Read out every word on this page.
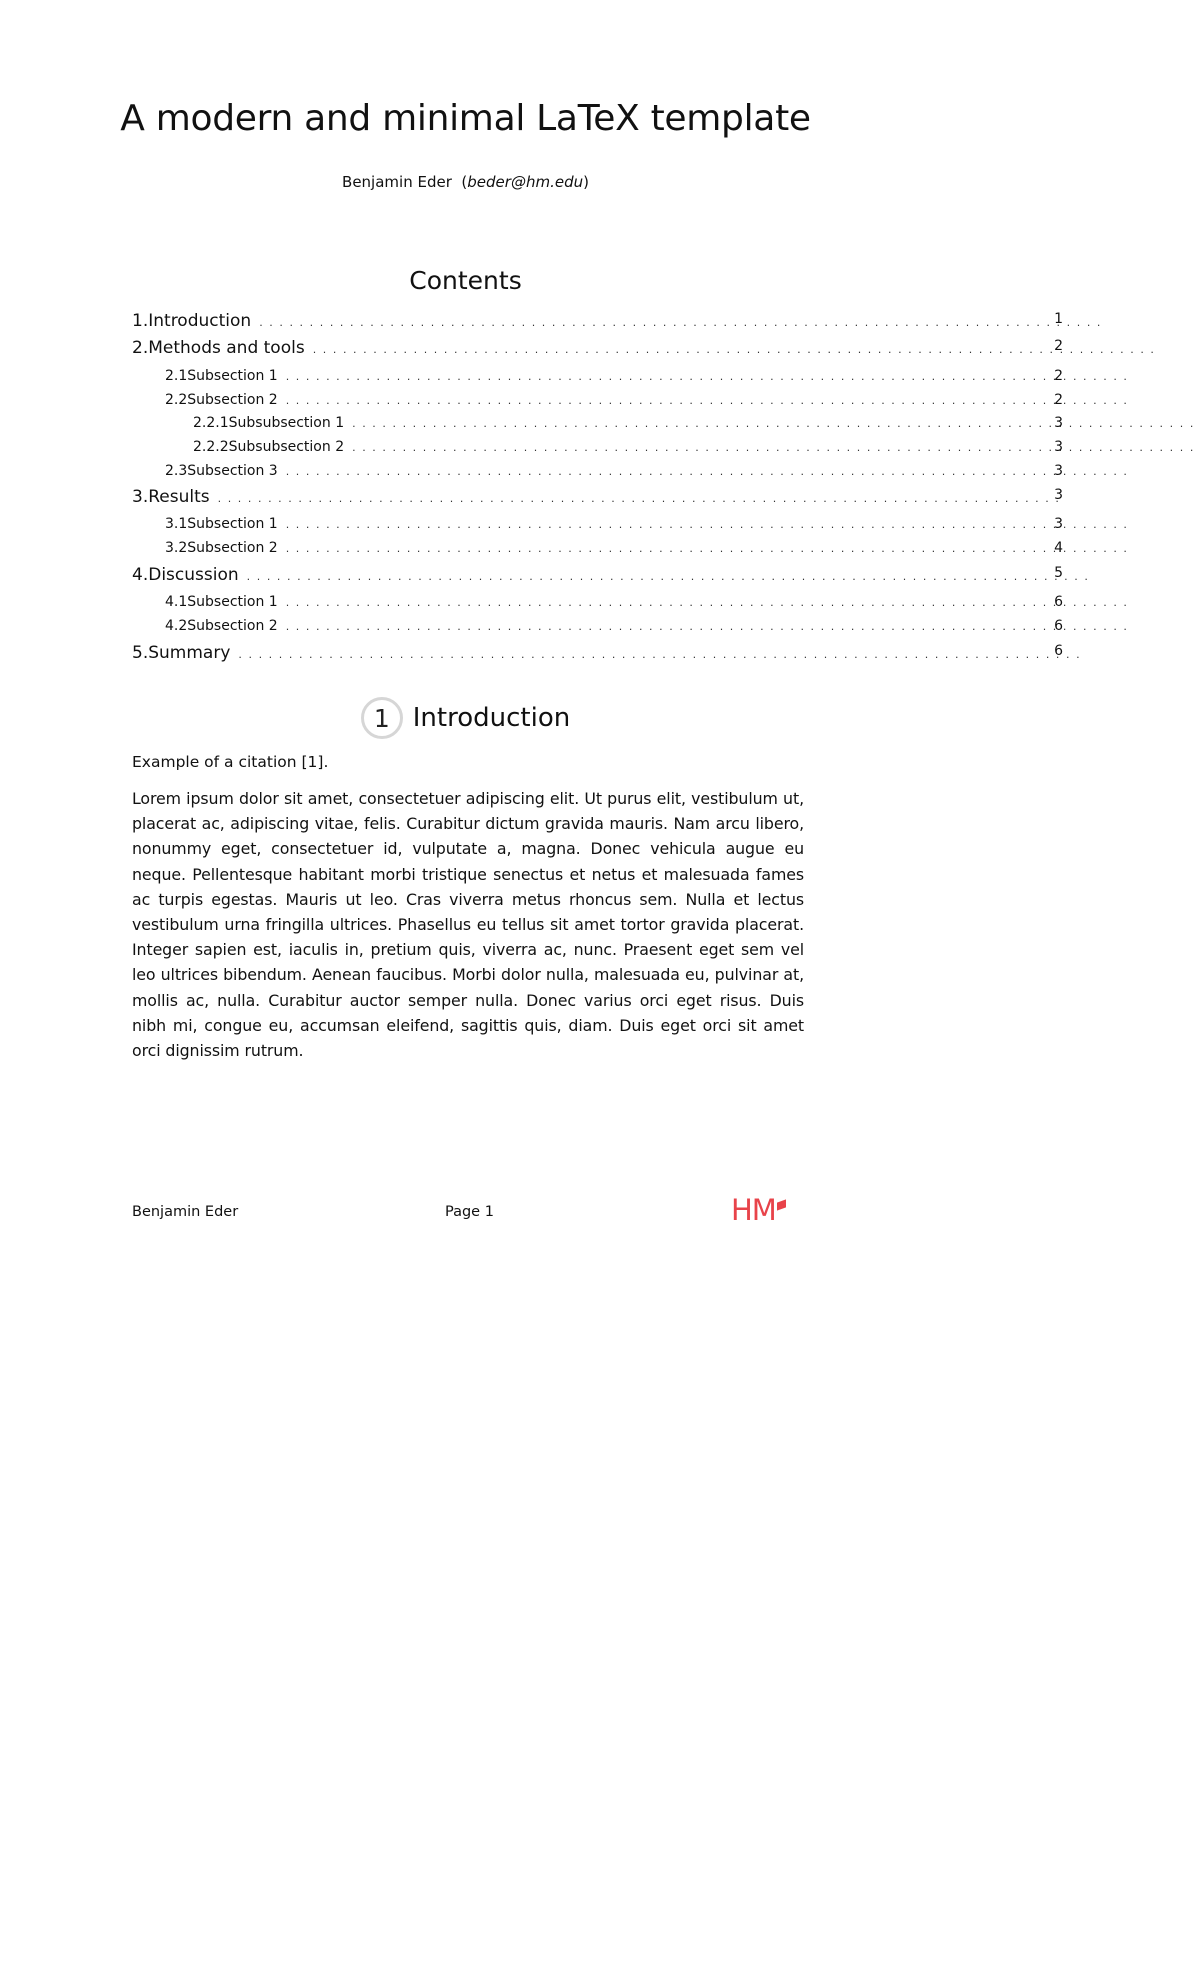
A modern and minimal LaTeX template
Benjamin Eder (beder@hm.edu)
Contents
1. Introduction . . .	1
2. Methods and tools . . .	2
2.1 Subsection 1 . . .	2
2.2 Subsection 2 . . .	2
2.2.1 Subsubsection 1 . . .	3
2.2.2 Subsubsection 2 . . .	3
2.3 Subsection 3 . . .	3
3. Results . . .	3
3.1 Subsection 1 . . .	3
3.2 Subsection 2 . . .	4
4. Discussion . . .	5
4.1 Subsection 1 . . .	6
4.2 Subsection 2 . . .	6
5. Summary . . .	6
1 Introduction
Example of a citation [1].
Lorem ipsum dolor sit amet, consectetuer adipiscing elit. Ut purus elit, vestibulum ut, placerat ac, adipiscing vitae, felis. Curabitur dictum gravida mauris. Nam arcu libero, nonummy eget, consectetuer id, vulputate a, magna. Donec vehicula augue eu neque. Pellentesque habitant morbi tristique senectus et netus et malesuada fames ac turpis egestas. Mauris ut leo. Cras viverra metus rhoncus sem. Nulla et lectus vestibulum urna fringilla ultrices. Phasellus eu tellus sit amet tortor gravida placerat. Integer sapien est, iaculis in, pretium quis, viverra ac, nunc. Praesent eget sem vel leo ultrices bibendum. Aenean faucibus. Morbi dolor nulla, malesuada eu, pulvinar at, mollis ac, nulla. Curabitur auctor semper nulla. Donec varius orci eget risus. Duis nibh mi, congue eu, accumsan eleifend, sagittis quis, diam. Duis eget orci sit amet orci dignissim rutrum.
Benjamin Eder	Page 1	HM
